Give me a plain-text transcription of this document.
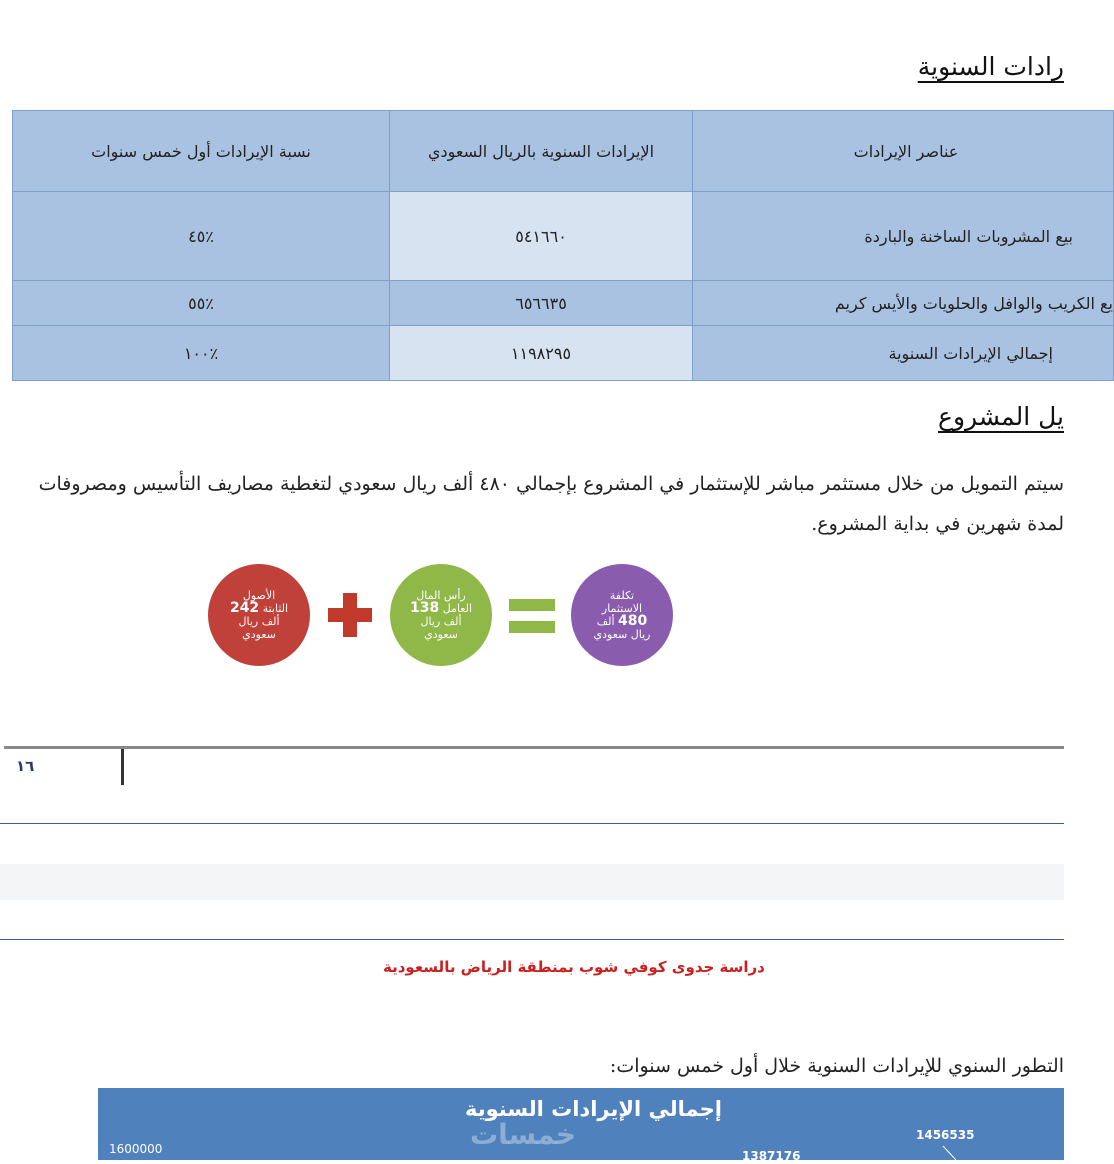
رادات السنوية
عناصر الإيرادات	الإيرادات السنوية بالريال السعودي	نسبة الإيرادات أول خمس سنوات
بيع المشروبات الساخنة والباردة	٥٤١٦٦٠	٪٤٥
يع الكريب والوافل والحلويات والأيس كريم	٦٥٦٦٣٥	٪٥٥
إجمالي الإيرادات السنوية	١١٩٨٢٩٥	٪١٠٠
يل المشروع
سيتم التمويل من خلال مستثمر مباشر للإستثمار في المشروع بإجمالي ٤٨٠ ألف ريال سعودي لتغطية مصاريف التأسيس ومصروفات
لمدة شهرين في بداية المشروع.
الأصول
الثابتة 242
ألف ريال
سعودي
رأس المال
العامل 138
ألف ريال
سعودي
تكلفة
الاستثمار
480 ألف
ريال سعودي
١٦
دراسة جدوى كوفي شوب بمنطقة الرياض بالسعودية
التطور السنوي للإيرادات السنوية خلال أول خمس سنوات:
إجمالي الإيرادات السنوية
خمسات
1600000	1387176
1456535
